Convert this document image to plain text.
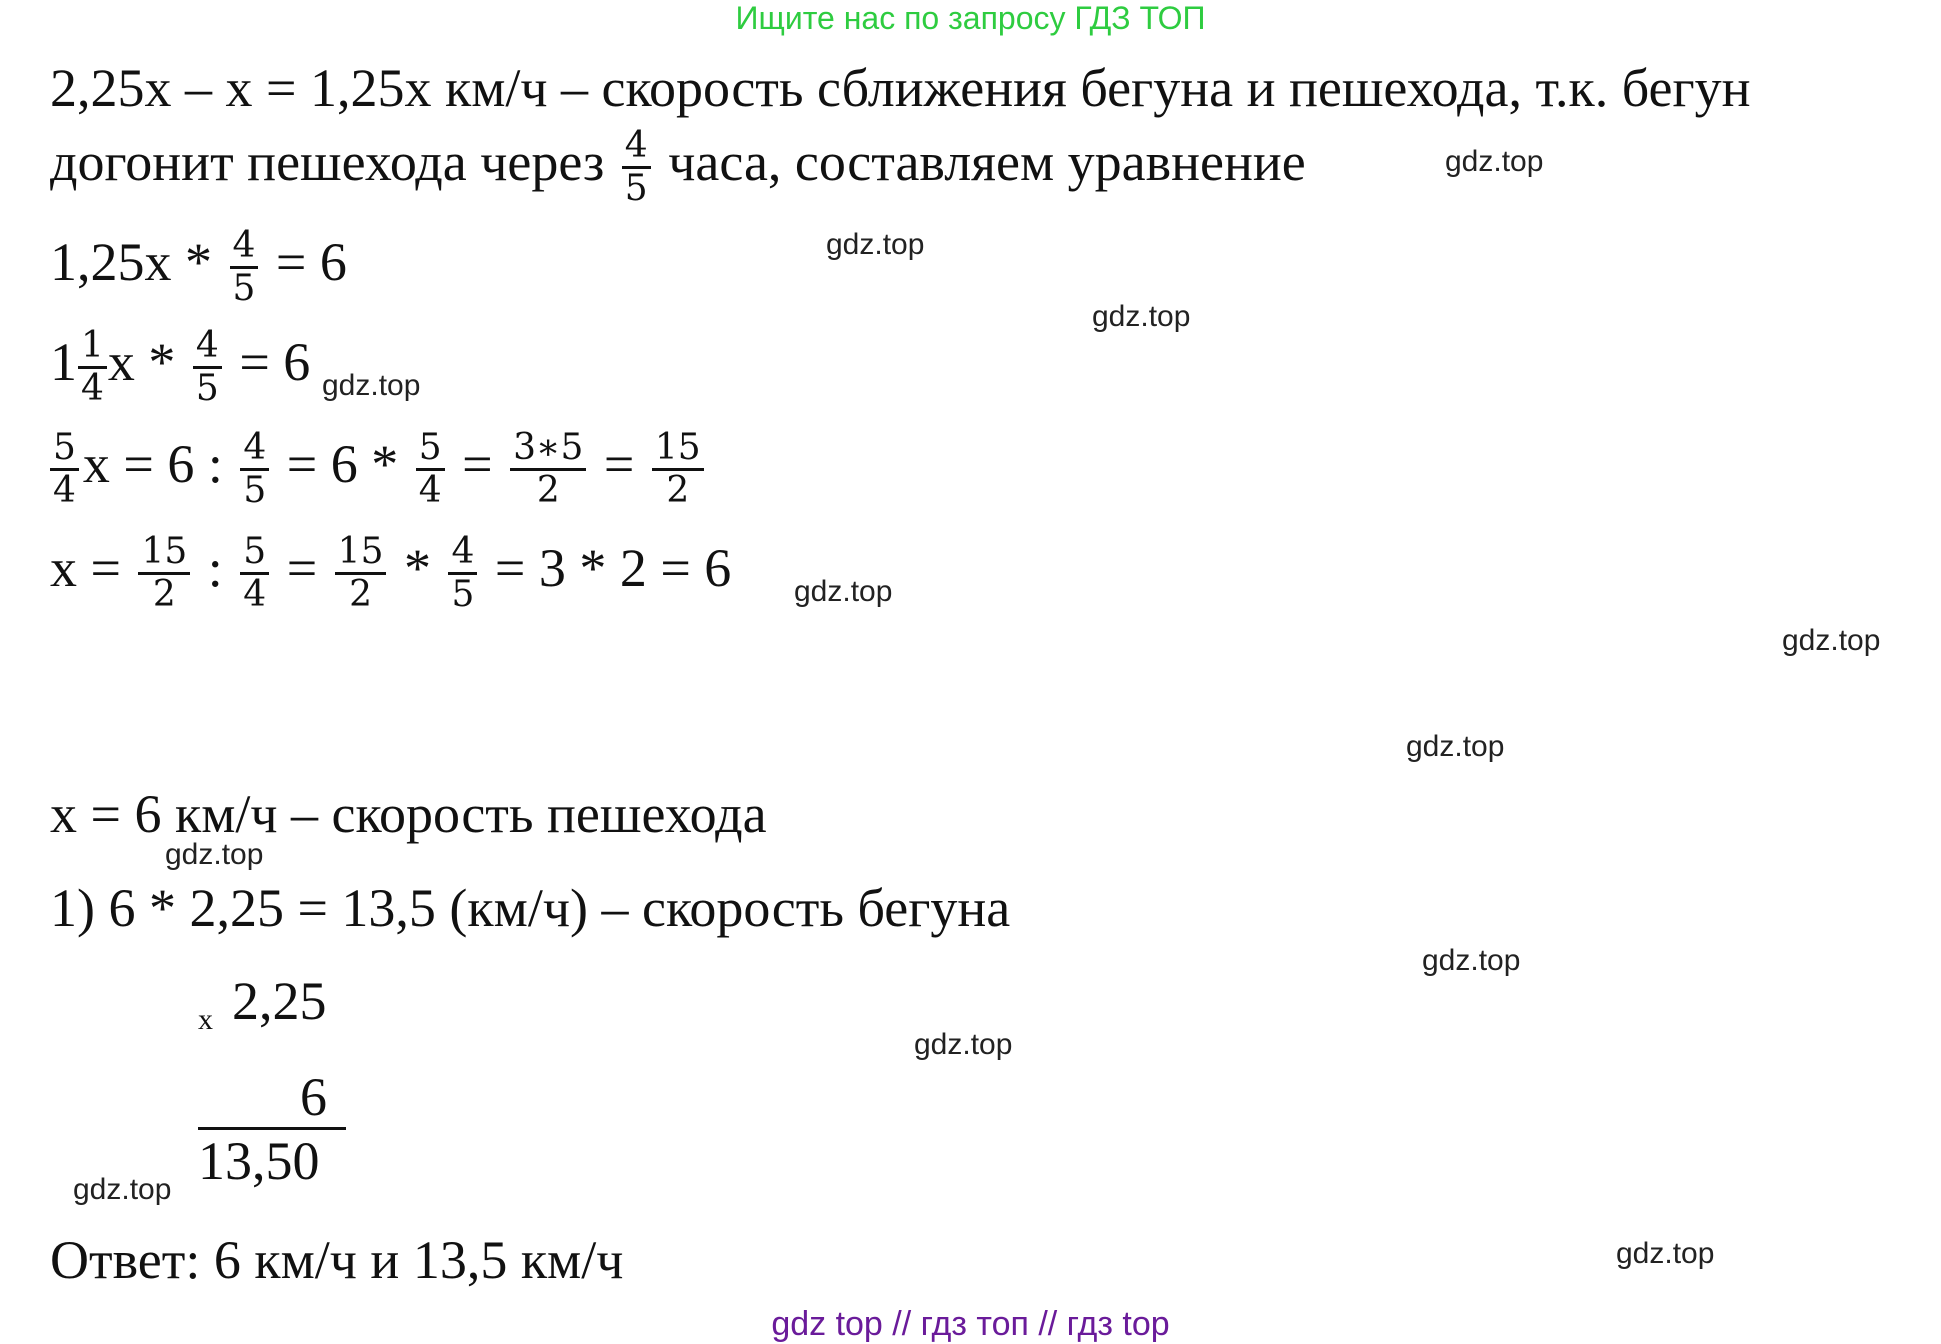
Ищите нас по запросу ГДЗ ТОП
2,25x – x = 1,25x км/ч – скорость сближения бегуна и пешехода, т.к. бегун
догонит пешехода через $\frac{4}{5}$ часа, составляем уравнение
$1,25x * \frac{4}{5} = 6$
$1 \frac{1}{4}$ $x * \frac{4}{5} = 6$
$\frac{5}{4}$ x = 6 : $\frac{4}{5} = 6 * \frac{5}{4} = \frac{3∗5}{2} = \frac{15}{2}$
$x = \frac{15}{2}$ : $\frac{5}{4} = \frac{15}{2} * \frac{4}{5} = 3 * 2 = 6$
x = 6 км/ч – скорость пешехода
1) 6 * 2,25 = 13,5 (км/ч) – скорость бегуна
x 2,25
6
13,50
Ответ: 6 км/ч и 13,5 км/ч
gdz.top
gdz.top
gdz.top
gdz.top
gdz.top
gdz.top
gdz.top
gdz.top
gdz.top
gdz.top
gdz.top
gdz.top
gdz top // гдз топ // гдз top
